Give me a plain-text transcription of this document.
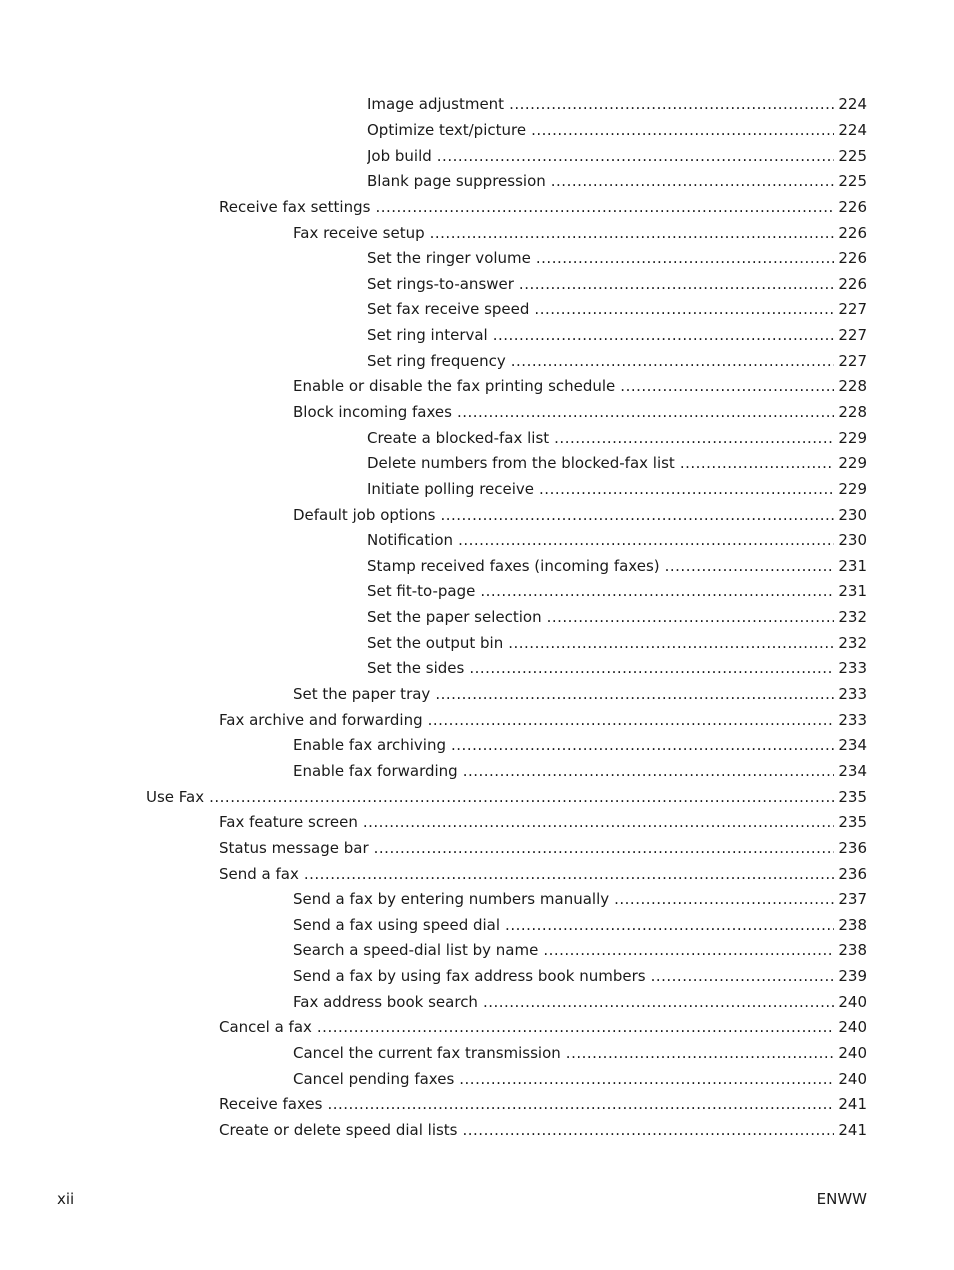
Image adjustment .....	224
Optimize text/picture .....	224
Job build .....	225
Blank page suppression .....	225
Receive fax settings .....	226
Fax receive setup .....	226
Set the ringer volume .....	226
Set rings-to-answer .....	226
Set fax receive speed .....	227
Set ring interval .....	227
Set ring frequency .....	227
Enable or disable the fax printing schedule .....	228
Block incoming faxes .....	228
Create a blocked-fax list .....	229
Delete numbers from the blocked-fax list .....	229
Initiate polling receive .....	229
Default job options .....	230
Notification .....	230
Stamp received faxes (incoming faxes) .....	231
Set fit-to-page .....	231
Set the paper selection .....	232
Set the output bin .....	232
Set the sides .....	233
Set the paper tray .....	233
Fax archive and forwarding .....	233
Enable fax archiving .....	234
Enable fax forwarding .....	234
Use Fax .....	235
Fax feature screen .....	235
Status message bar .....	236
Send a fax .....	236
Send a fax by entering numbers manually .....	237
Send a fax using speed dial .....	238
Search a speed-dial list by name .....	238
Send a fax by using fax address book numbers .....	239
Fax address book search .....	240
Cancel a fax .....	240
Cancel the current fax transmission .....	240
Cancel pending faxes .....	240
Receive faxes .....	241
Create or delete speed dial lists .....	241
xii	ENWW
